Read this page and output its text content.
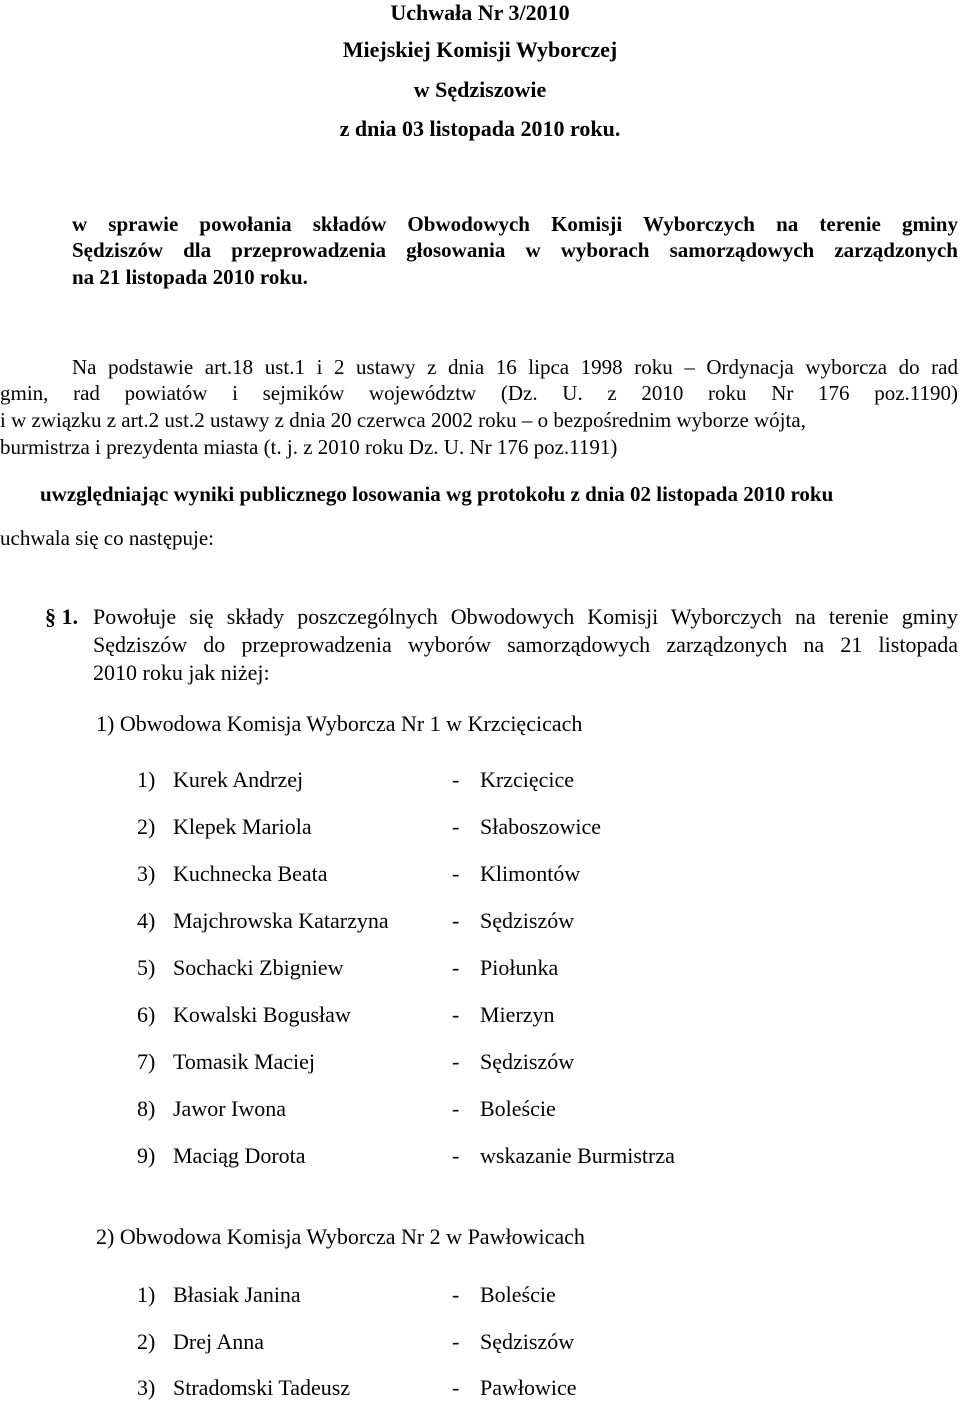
Uchwała Nr 3/2010
Miejskiej Komisji Wyborczej
w Sędziszowie
z dnia 03 listopada 2010 roku.
w sprawie powołania składów Obwodowych Komisji Wyborczych na terenie gminy
Sędziszów dla przeprowadzenia głosowania w wyborach samorządowych zarządzonych
na 21 listopada 2010 roku.
Na podstawie art.18 ust.1 i 2 ustawy z dnia 16 lipca 1998 roku – Ordynacja wyborcza do rad
gmin, rad powiatów i sejmików województw (Dz. U. z 2010 roku Nr 176 poz.1190)
i w związku z art.2 ust.2 ustawy z dnia 20 czerwca 2002 roku – o bezpośrednim wyborze wójta,
burmistrza i prezydenta miasta (t. j. z 2010 roku Dz. U. Nr 176 poz.1191)
uwzględniając wyniki publicznego losowania wg protokołu z dnia 02 listopada 2010 roku
uchwala się co następuje:
§ 1. Powołuje się składy poszczególnych Obwodowych Komisji Wyborczych na terenie gminy
Sędziszów do przeprowadzenia wyborów samorządowych zarządzonych na 21 listopada
2010 roku jak niżej:
1) Obwodowa Komisja Wyborcza Nr 1 w Krzcięcicach
1) Kurek Andrzej	- Krzcięcice
2) Klepek Mariola	- Słaboszowice
3) Kuchnecka Beata	- Klimontów
4) Majchrowska Katarzyna	- Sędziszów
5) Sochacki Zbigniew	- Piołunka
6) Kowalski Bogusław	- Mierzyn
7) Tomasik Maciej	- Sędziszów
8) Jawor Iwona	- Boleście
9) Maciąg Dorota	- wskazanie Burmistrza
2) Obwodowa Komisja Wyborcza Nr 2 w Pawłowicach
1) Błasiak Janina	- Boleście
2) Drej Anna	- Sędziszów
3) Stradomski Tadeusz	- Pawłowice
